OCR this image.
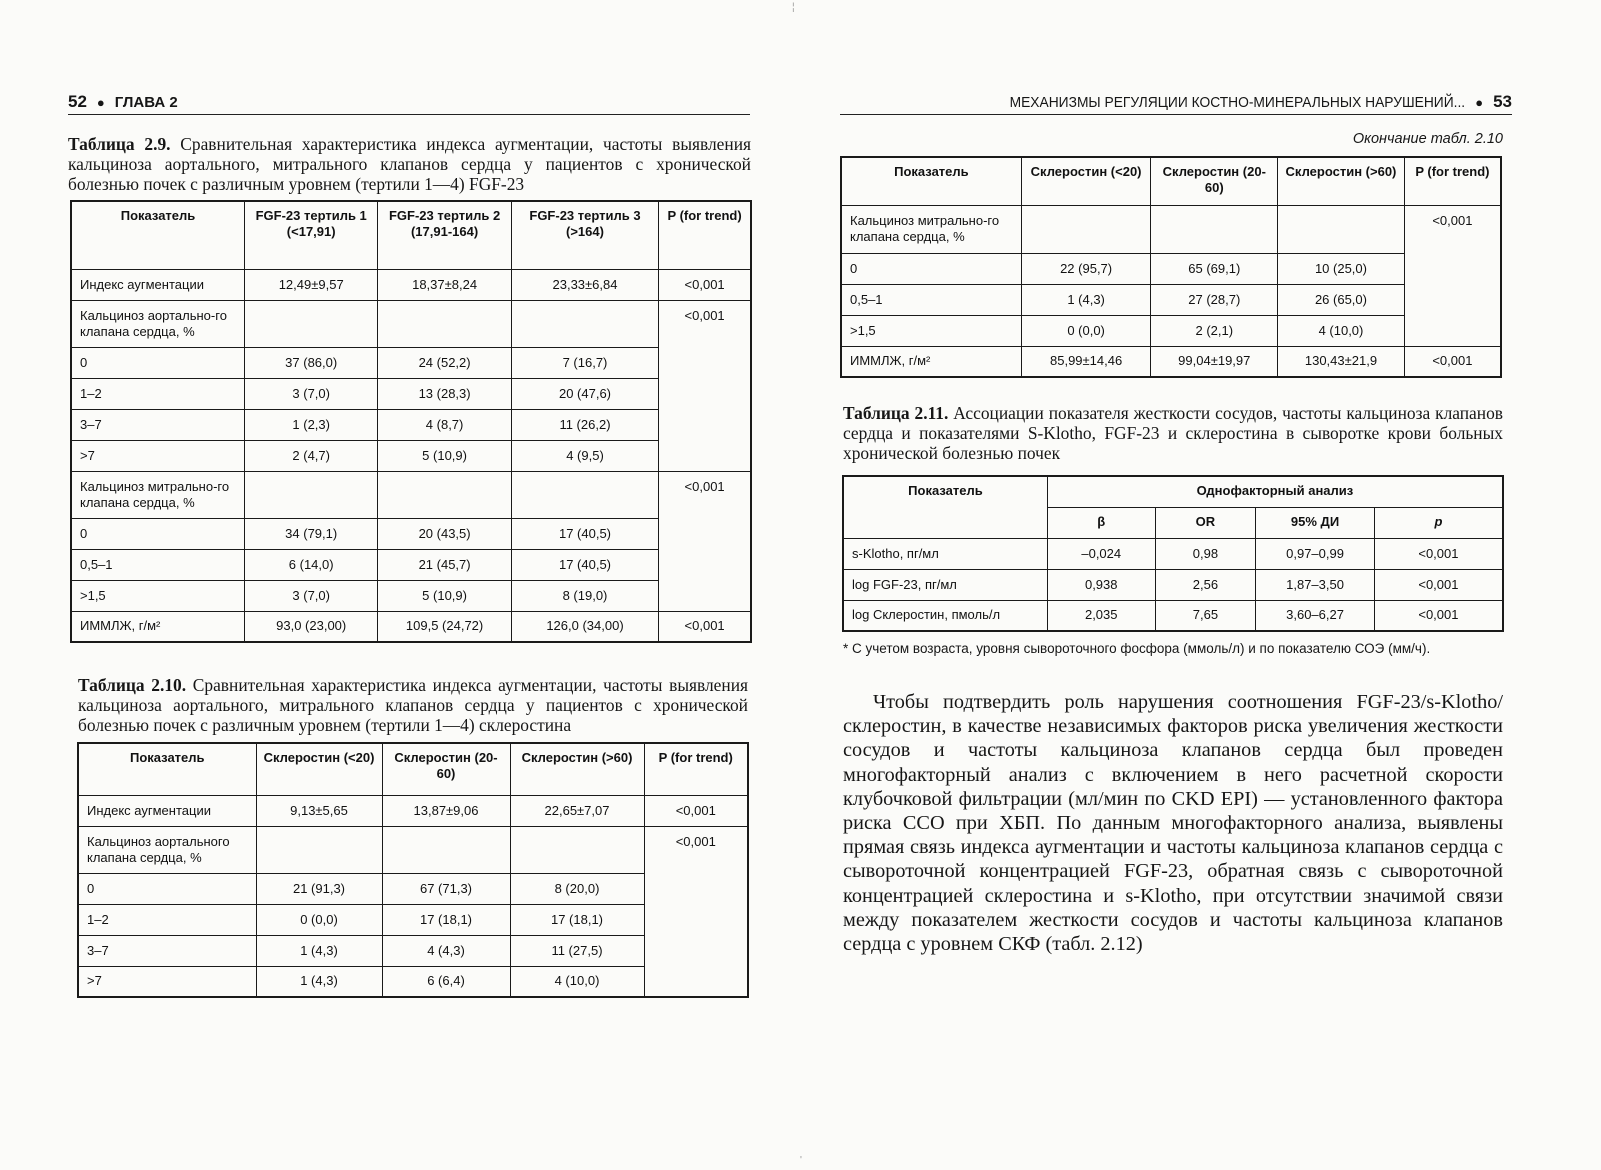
52 ● ГЛАВА 2
Таблица 2.9. Сравнительная характеристика индекса аугментации, частоты выявления кальциноза аортального, митрального клапанов сердца у пациентов с хронической болезнью почек с различным уровнем (тертили 1—4) FGF-23
Показатель	FGF-23 тертиль 1 (<17,91)	FGF-23 тертиль 2 (17,91-164)	FGF-23 тертиль 3 (>164)	P (for trend)
Индекс аугментации	12,49±9,57	18,37±8,24	23,33±6,84	<0,001
Кальциноз аортально-го клапана сердца, %				<0,001
0	37 (86,0)	24 (52,2)	7 (16,7)	
1–2	3 (7,0)	13 (28,3)	20 (47,6)	
3–7	1 (2,3)	4 (8,7)	11 (26,2)	
>7	2 (4,7)	5 (10,9)	4 (9,5)	
Кальциноз митрально-го клапана сердца, %				<0,001
0	34 (79,1)	20 (43,5)	17 (40,5)	
0,5–1	6 (14,0)	21 (45,7)	17 (40,5)	
>1,5	3 (7,0)	5 (10,9)	8 (19,0)	
ИММЛЖ, г/м²	93,0 (23,00)	109,5 (24,72)	126,0 (34,00)	<0,001
Таблица 2.10. Сравнительная характеристика индекса аугментации, частоты выявления кальциноза аортального, митрального клапанов сердца у пациентов с хронической болезнью почек с различным уровнем (тертили 1—4) склеростина
Показатель	Склеростин (<20)	Склеростин (20-60)	Склеростин (>60)	P (for trend)
Индекс аугментации	9,13±5,65	13,87±9,06	22,65±7,07	<0,001
Кальциноз аортального клапана сердца, %				<0,001
0	21 (91,3)	67 (71,3)	8 (20,0)	
1–2	0 (0,0)	17 (18,1)	17 (18,1)	
3–7	1 (4,3)	4 (4,3)	11 (27,5)	
>7	1 (4,3)	6 (6,4)	4 (10,0)	
МЕХАНИЗМЫ РЕГУЛЯЦИИ КОСТНО-МИНЕРАЛЬНЫХ НАРУШЕНИЙ... ● 53
Окончание табл. 2.10
Показатель	Склеростин (<20)	Склеростин (20-60)	Склеростин (>60)	P (for trend)
Кальциноз митрально-го клапана сердца, %				<0,001
0	22 (95,7)	65 (69,1)	10 (25,0)	
0,5–1	1 (4,3)	27 (28,7)	26 (65,0)	
>1,5	0 (0,0)	2 (2,1)	4 (10,0)	
ИММЛЖ, г/м²	85,99±14,46	99,04±19,97	130,43±21,9	<0,001
Таблица 2.11. Ассоциации показателя жесткости сосудов, частоты кальциноза клапанов сердца и показателями S-Klotho, FGF-23 и склеростина в сыворотке крови больных хронической болезнью почек
Показатель	Однофакторный анализ			
	β	OR	95% ДИ	p
s-Klotho, пг/мл	–0,024	0,98	0,97–0,99	<0,001
log FGF-23, пг/мл	0,938	2,56	1,87–3,50	<0,001
log Склеростин, пмоль/л	2,035	7,65	3,60–6,27	<0,001
* С учетом возраста, уровня сывороточного фосфора (ммоль/л) и по показателю СОЭ (мм/ч).

Чтобы подтвердить роль нарушения соотношения FGF-23/s-Klotho/склеростин, в качестве независимых факторов риска увеличения жесткости сосудов и частоты кальциноза клапанов сердца был проведен многофакторный анализ с включением в него расчетной скорости клубочковой фильтрации (мл/мин по CKD EPI) — установленного фактора риска ССО при ХБП. По данным многофакторного анализа, выявлены прямая связь индекса аугментации и частоты кальциноза клапанов сердца с сывороточной концентрацией FGF-23, обратная связь с сывороточной концентрацией склеростина и s-Klotho, при отсутствии значимой связи между показателем жесткости сосудов и частоты кальциноза клапанов сердца с уровнем СКФ (табл. 2.12)

¦
'
